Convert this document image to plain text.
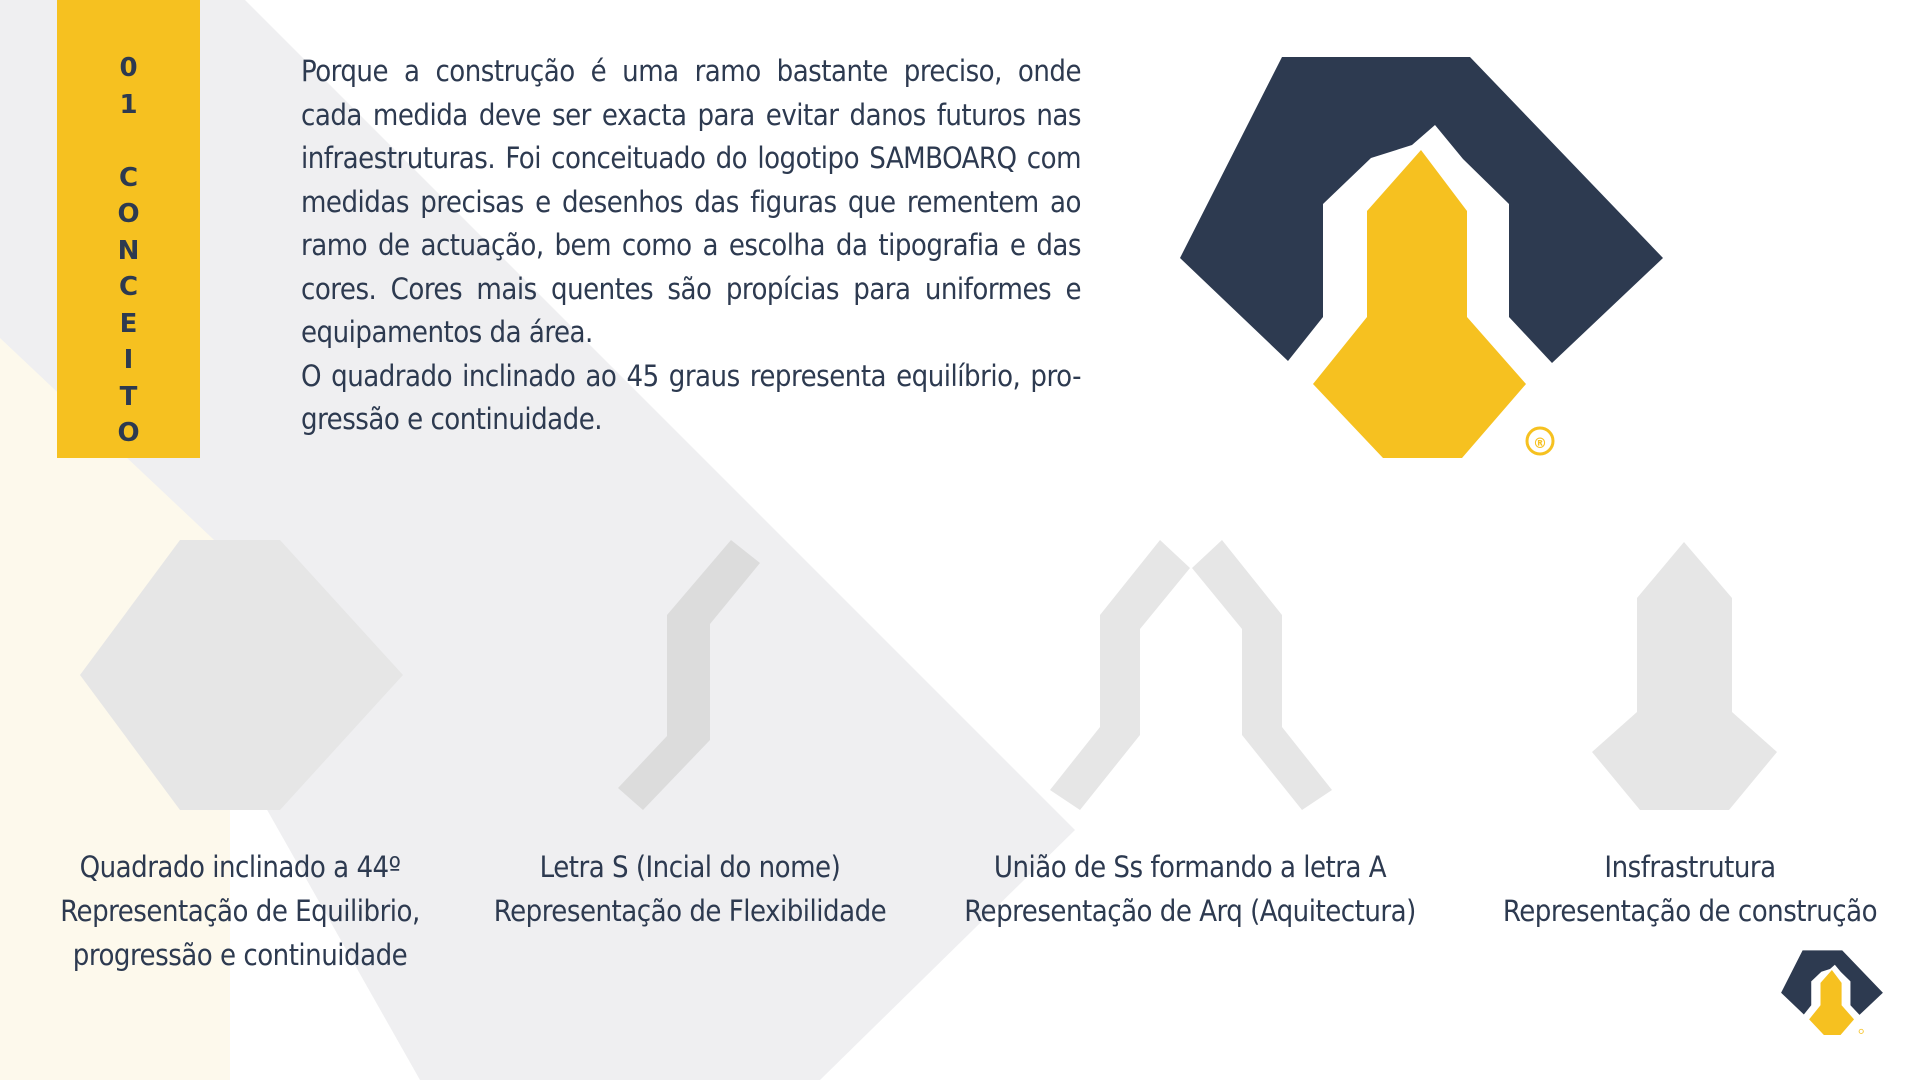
0
1

C
O
N
C
E
I
T
O

Porque a construção é uma ramo bastante preciso, onde cada medida deve ser exacta para evitar danos futuros nas infraestruturas. Foi conceituado do logotipo SAMBOARQ com medidas precisas e desenhos das figuras que rementem ao ramo de actuação, bem como a escolha da tipografia e das cores. Cores mais quentes são propícias para uniformes e equipamentos da área.

O quadrado inclinado ao 45 graus representa equilíbrio, pro-gressão e continuidade.

®
Quadrado inclinado a 44º
Representação de Equilibrio,
progressão e continuidade
Letra S (Incial do nome)
Representação de Flexibilidade
União de Ss formando a letra A
Representação de Arq (Aquitectura)
Insfrastrutura
Representação de construção
